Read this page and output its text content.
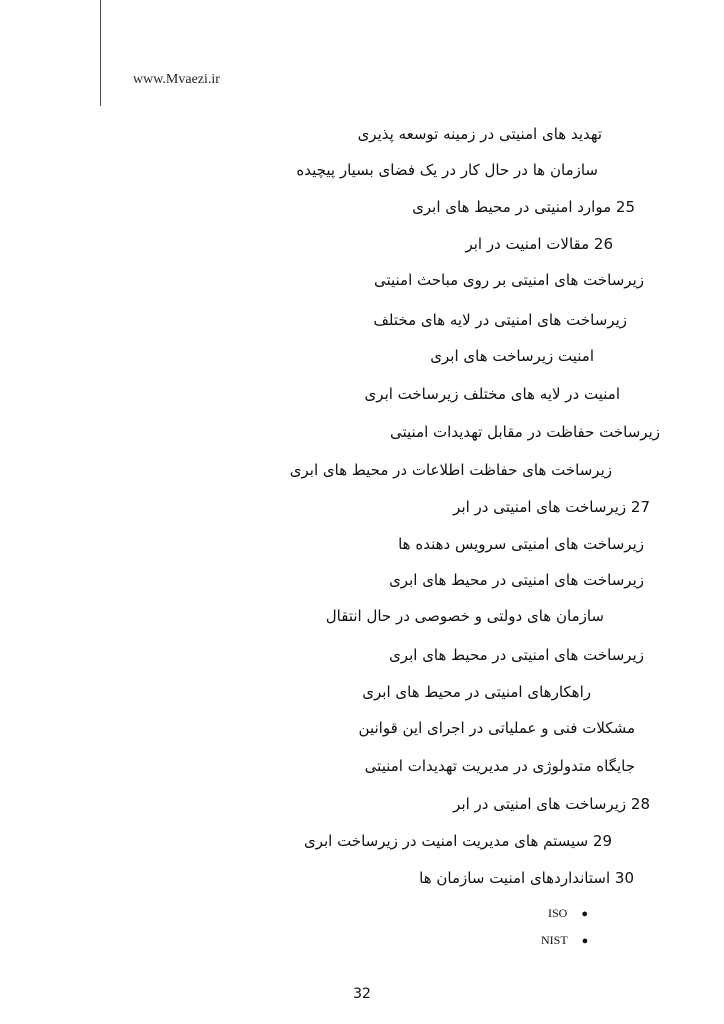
www.Mvaezi.ir
تهدید های امنیتی در زمینه توسعه پذیری
سازمان ها در حال کار در یک فضای بسیار پیچیده
25 موارد امنیتی در محیط های ابری
26 مقالات امنیت در ابر
زیرساخت های امنیتی بر روی مباحث امنیتی
زیرساخت های امنیتی در لایه های مختلف
امنیت زیرساخت های ابری
امنیت در لایه های مختلف زیرساخت ابری
زیرساخت حفاظت در مقابل تهدیدات امنیتی
زیرساخت های حفاظت اطلاعات در محیط های ابری
27 زیرساخت های امنیتی در ابر
زیرساخت های امنیتی سرویس دهنده ها
زیرساخت های امنیتی در محیط های ابری
سازمان های دولتی و خصوصی در حال انتقال
زیرساخت های امنیتی در محیط های ابری
راهکارهای امنیتی در محیط های ابری
مشکلات فنی و عملیاتی در اجرای این قوانین
جایگاه متدولوژی در مدیریت تهدیدات امنیتی
28 زیرساخت های امنیتی در ابر
29 سیستم های مدیریت امنیت در زیرساخت ابری
30 استانداردهای امنیت سازمان ها
ISO ●
NIST ●
32
